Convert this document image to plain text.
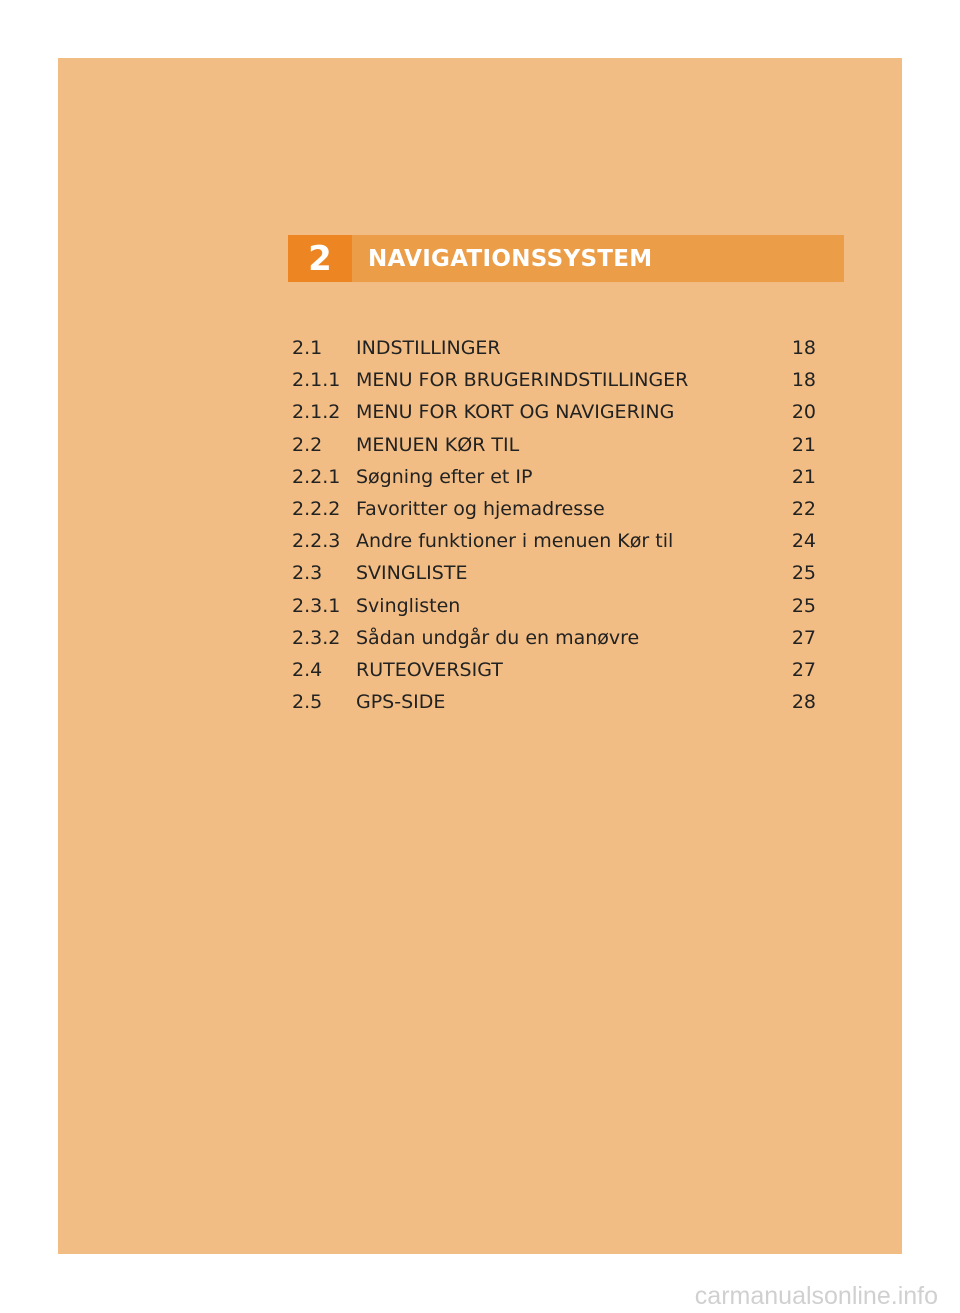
2	NAVIGATIONSSYSTEM
2.1	INDSTILLINGER	18
2.1.1 MENU FOR BRUGERINDSTILLINGER	18
2.1.2 MENU FOR KORT OG NAVIGERING	20
2.2	MENUEN KØR TIL	21
2.2.1 Søgning efter et IP	21
2.2.2 Favoritter og hjemadresse	22
2.2.3 Andre funktioner i menuen Kør til	24
2.3	SVINGLISTE	25
2.3.1 Svinglisten	25
2.3.2 Sådan undgår du en manøvre	27
2.4	RUTEOVERSIGT	27
2.5	GPS-SIDE	28
carmanualsonline.info
